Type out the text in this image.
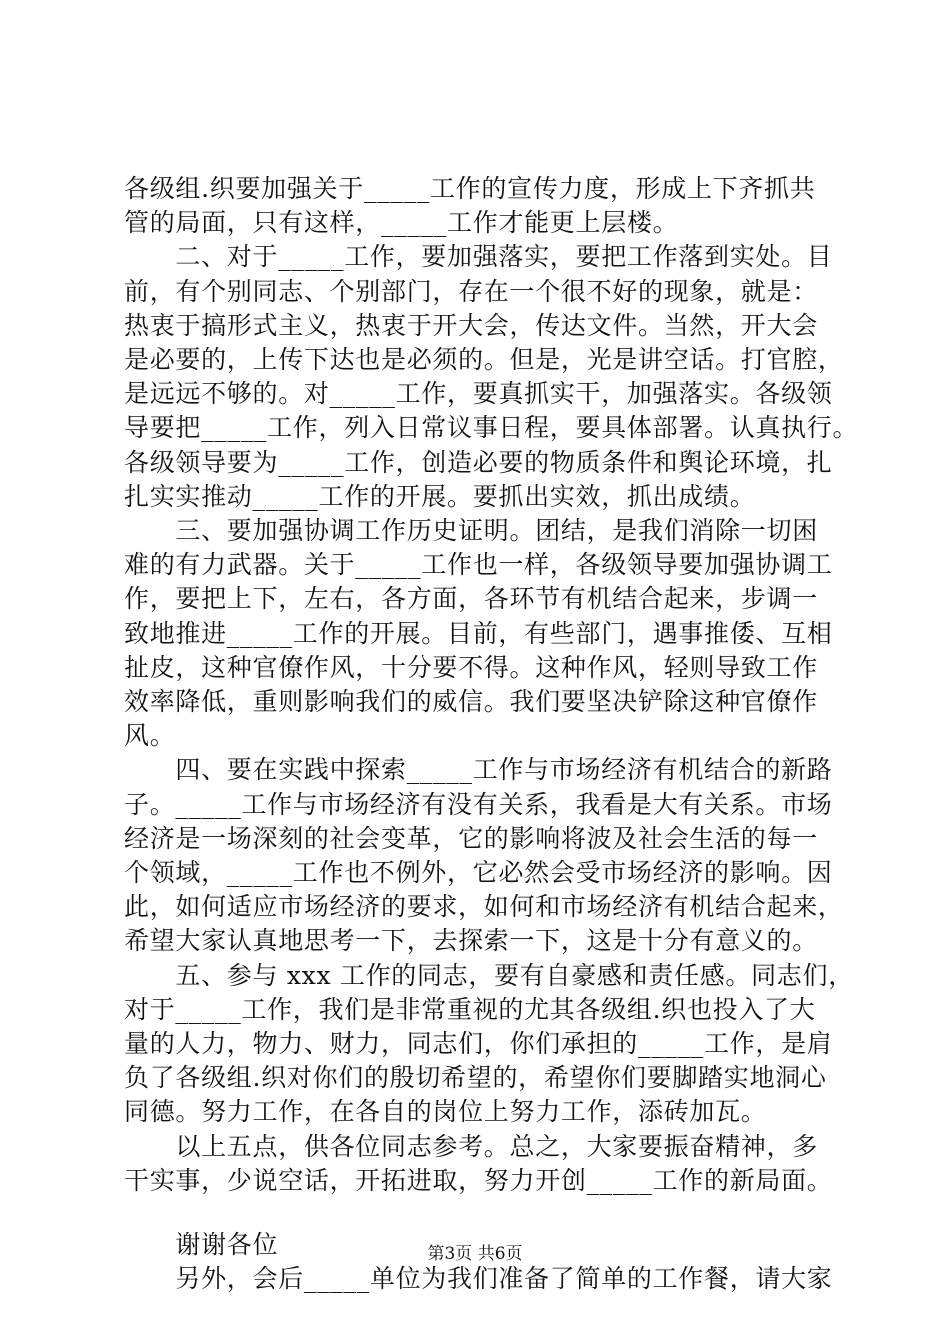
各级组.织要加强关于_____工作的宣传力度，形成上下齐抓共

管的局面，只有这样，_____工作才能更上层楼。

　　二、对于_____工作，要加强落实，要把工作落到实处。目

前，有个别同志、个别部门，存在一个很不好的现象，就是：

热衷于搞形式主义，热衷于开大会，传达文件。当然，开大会

是必要的，上传下达也是必须的。但是，光是讲空话。打官腔，

是远远不够的。对_____工作，要真抓实干，加强落实。各级领

导要把_____工作，列入日常议事日程，要具体部署。认真执行。

各级领导要为_____工作，创造必要的物质条件和舆论环境，扎

扎实实推动_____工作的开展。要抓出实效，抓出成绩。

　　三、要加强协调工作历史证明。团结，是我们消除一切困

难的有力武器。关于_____工作也一样，各级领导要加强协调工

作，要把上下，左右，各方面，各环节有机结合起来，步调一

致地推进_____工作的开展。目前，有些部门，遇事推倭、互相

扯皮，这种官僚作风，十分要不得。这种作风，轻则导致工作

效率降低，重则影响我们的威信。我们要坚决铲除这种官僚作

风。

　　四、要在实践中探索_____工作与市场经济有机结合的新路

子。_____工作与市场经济有没有关系，我看是大有关系。市场

经济是一场深刻的社会变革，它的影响将波及社会生活的每一

个领域，_____工作也不例外，它必然会受市场经济的影响。因

此，如何适应市场经济的要求，如何和市场经济有机结合起来，

希望大家认真地思考一下，去探索一下，这是十分有意义的。

　　五、参与 xxx 工作的同志，要有自豪感和责任感。同志们，

对于_____工作，我们是非常重视的尤其各级组.织也投入了大

量的人力，物力、财力，同志们，你们承担的_____工作，是肩

负了各级组.织对你们的殷切希望的，希望你们要脚踏实地洞心

同德。努力工作，在各自的岗位上努力工作，添砖加瓦。

　　以上五点，供各位同志参考。总之，大家要振奋精神，多

干实事，少说空话，开拓进取，努力开创_____工作的新局面。

　　谢谢各位

　　另外，会后_____单位为我们准备了简单的工作餐，请大家

第3页 共6页
